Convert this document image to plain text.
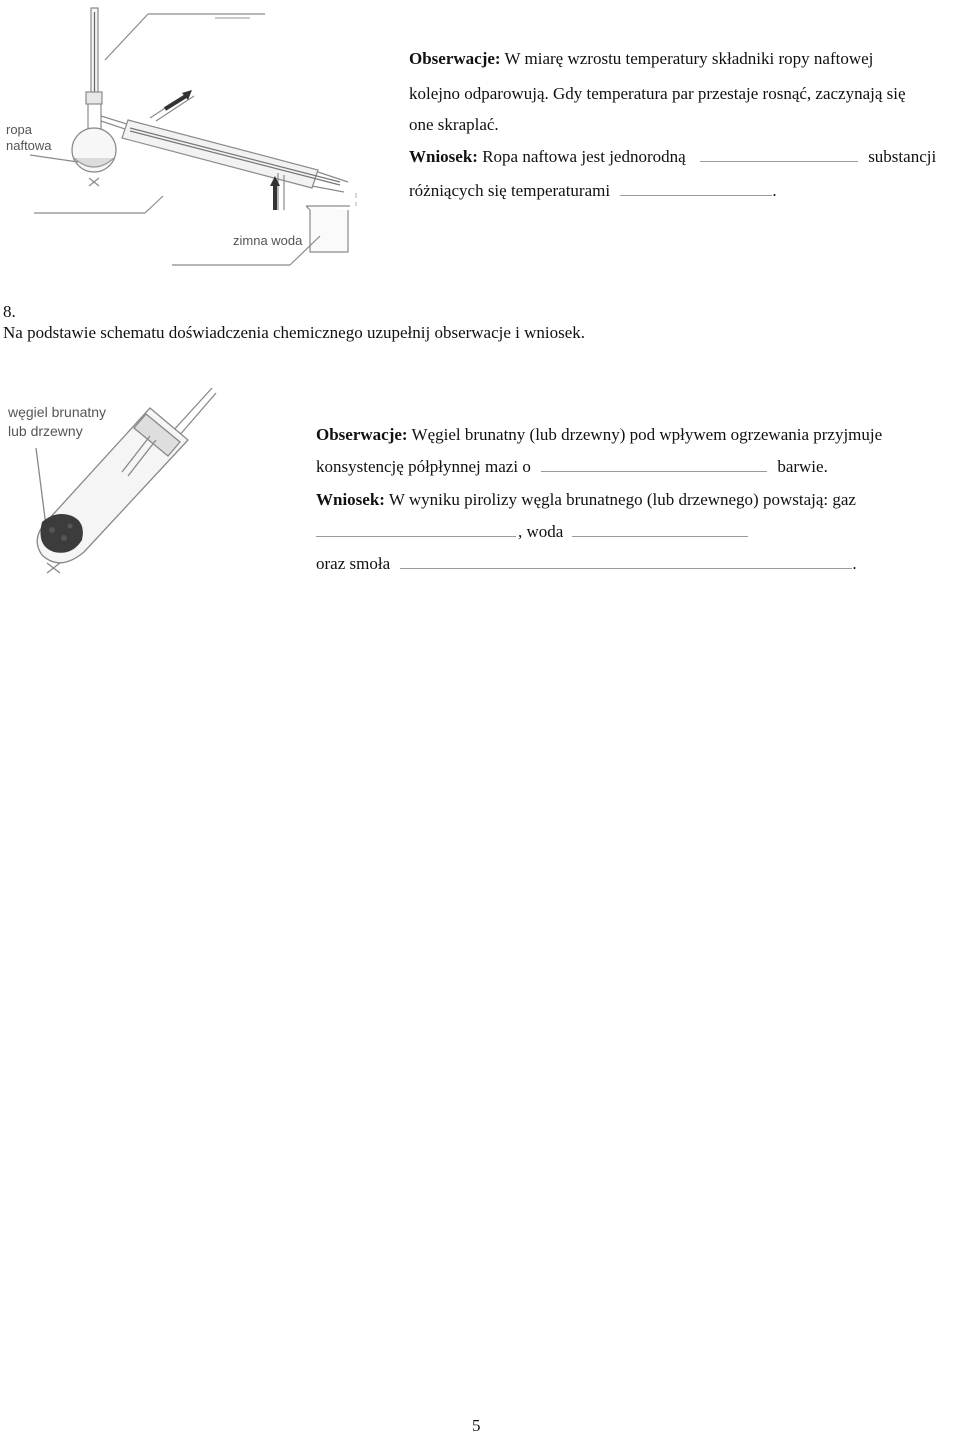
ropa
naftowa
zimna woda
Obserwacje: W miarę wzrostu temperatury składniki ropy naftowej
kolejno odparowują. Gdy temperatura par przestaje rosnąć, zaczynają się
one skraplać.
Wniosek: Ropa naftowa jest jednorodną	substancji
różniących się temperaturami	.
8.
Na podstawie schematu doświadczenia chemicznego uzupełnij obserwacje i wniosek.
węgiel brunatny
lub drzewny	Obserwacje: Węgiel brunatny (lub drzewny) pod wpływem ogrzewania przyjmuje
konsystencję półpłynnej mazi o	barwie.
Wniosek: W wyniku pirolizy węgla brunatnego (lub drzewnego) powstają: gaz
, woda
oraz smoła	.
5
